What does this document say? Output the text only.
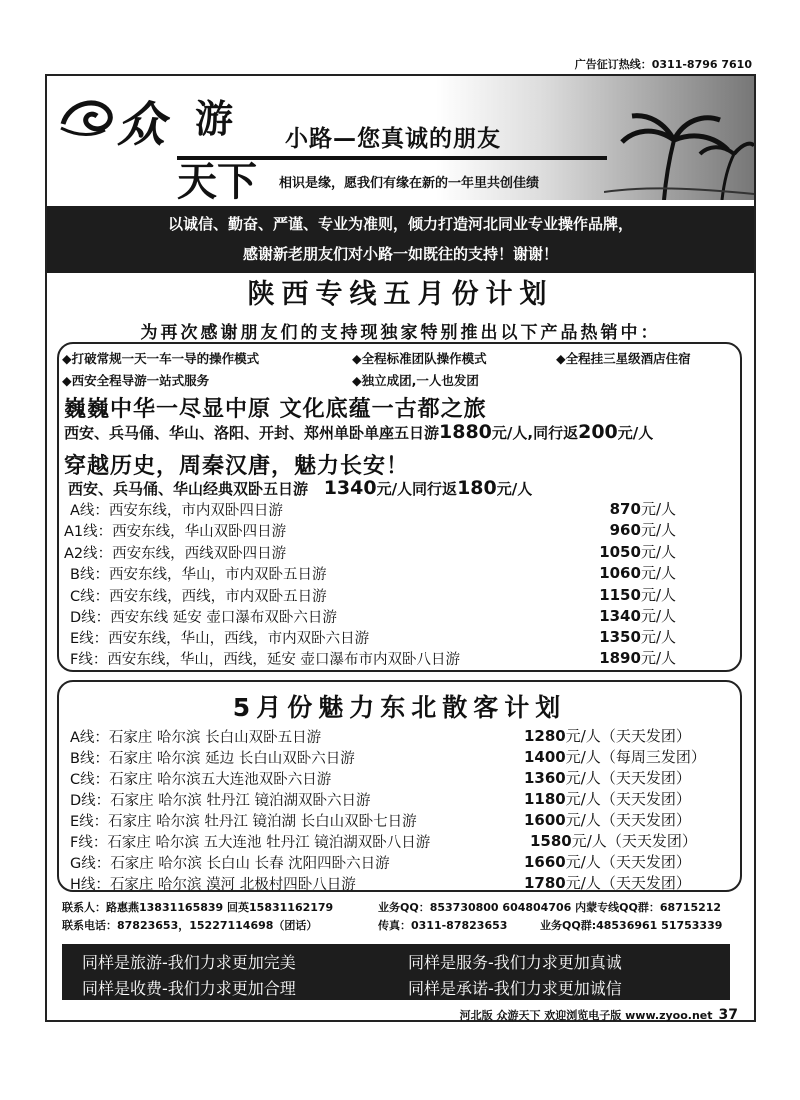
广告征订热线：0311-8796 7610
众 游 小路—您真诚的朋友
天下 相识是缘，愿我们有缘在新的一年里共创佳绩
以诚信、勤奋、严谨、专业为准则，倾力打造河北同业专业操作品牌，
感谢新老朋友们对小路一如既往的支持！谢谢！
陕西专线五月份计划
为再次感谢朋友们的支持现独家特别推出以下产品热销中：
◆打破常规一天一车一导的操作模式	◆全程标准团队操作模式	◆全程挂三星级酒店住宿
◆西安全程导游一站式服务	◆独立成团,一人也发团
巍巍中华一尽显中原 文化底蕴一古都之旅
西安、兵马俑、华山、洛阳、开封、郑州单卧单座五日游1880元/人,同行返200元/人
穿越历史，周秦汉唐，魅力长安！
西安、兵马俑、华山经典双卧五日游 1340元/人同行返180元/人
A线：西安东线，市内双卧四日游	870元/人
A1线：西安东线，华山双卧四日游	960元/人
A2线：西安东线，西线双卧四日游	1050元/人
B线：西安东线，华山，市内双卧五日游	1060元/人
C线：西安东线，西线，市内双卧五日游	1150元/人
D线：西安东线 延安 壶口瀑布双卧六日游	1340元/人
E线：西安东线，华山，西线，市内双卧六日游	1350元/人
F线：西安东线，华山，西线，延安 壶口瀑布市内双卧八日游	1890元/人
5月份魅力东北散客计划
A线：石家庄 哈尔滨 长白山双卧五日游	1280元/人（天天发团）
B线：石家庄 哈尔滨 延边 长白山双卧六日游	1400元/人（每周三发团）
C线：石家庄 哈尔滨五大连池双卧六日游	1360元/人（天天发团）
D线：石家庄 哈尔滨 牡丹江 镜泊湖双卧六日游	1180元/人（天天发团）
E线：石家庄 哈尔滨 牡丹江 镜泊湖 长白山双卧七日游	1600元/人（天天发团）
F线：石家庄 哈尔滨 五大连池 牡丹江 镜泊湖双卧八日游	1580元/人（天天发团）
G线：石家庄 哈尔滨 长白山 长春 沈阳四卧六日游	1660元/人（天天发团）
H线：石家庄 哈尔滨 漠河 北极村四卧八日游	1780元/人（天天发团）
联系人：路惠燕13831165839 回英15831162179	业务QQ：853730800 604804706 内蒙专线QQ群：68715212
联系电话：87823653，15227114698（团话）	传真：0311-87823653	业务QQ群:48536961 51753339
同样是旅游-我们力求更加完美	同样是服务-我们力求更加真诚
同样是收费-我们力求更加合理	同样是承诺-我们力求更加诚信
河北版 众游天下 欢迎浏览电子版 www.zyoo.net 37
